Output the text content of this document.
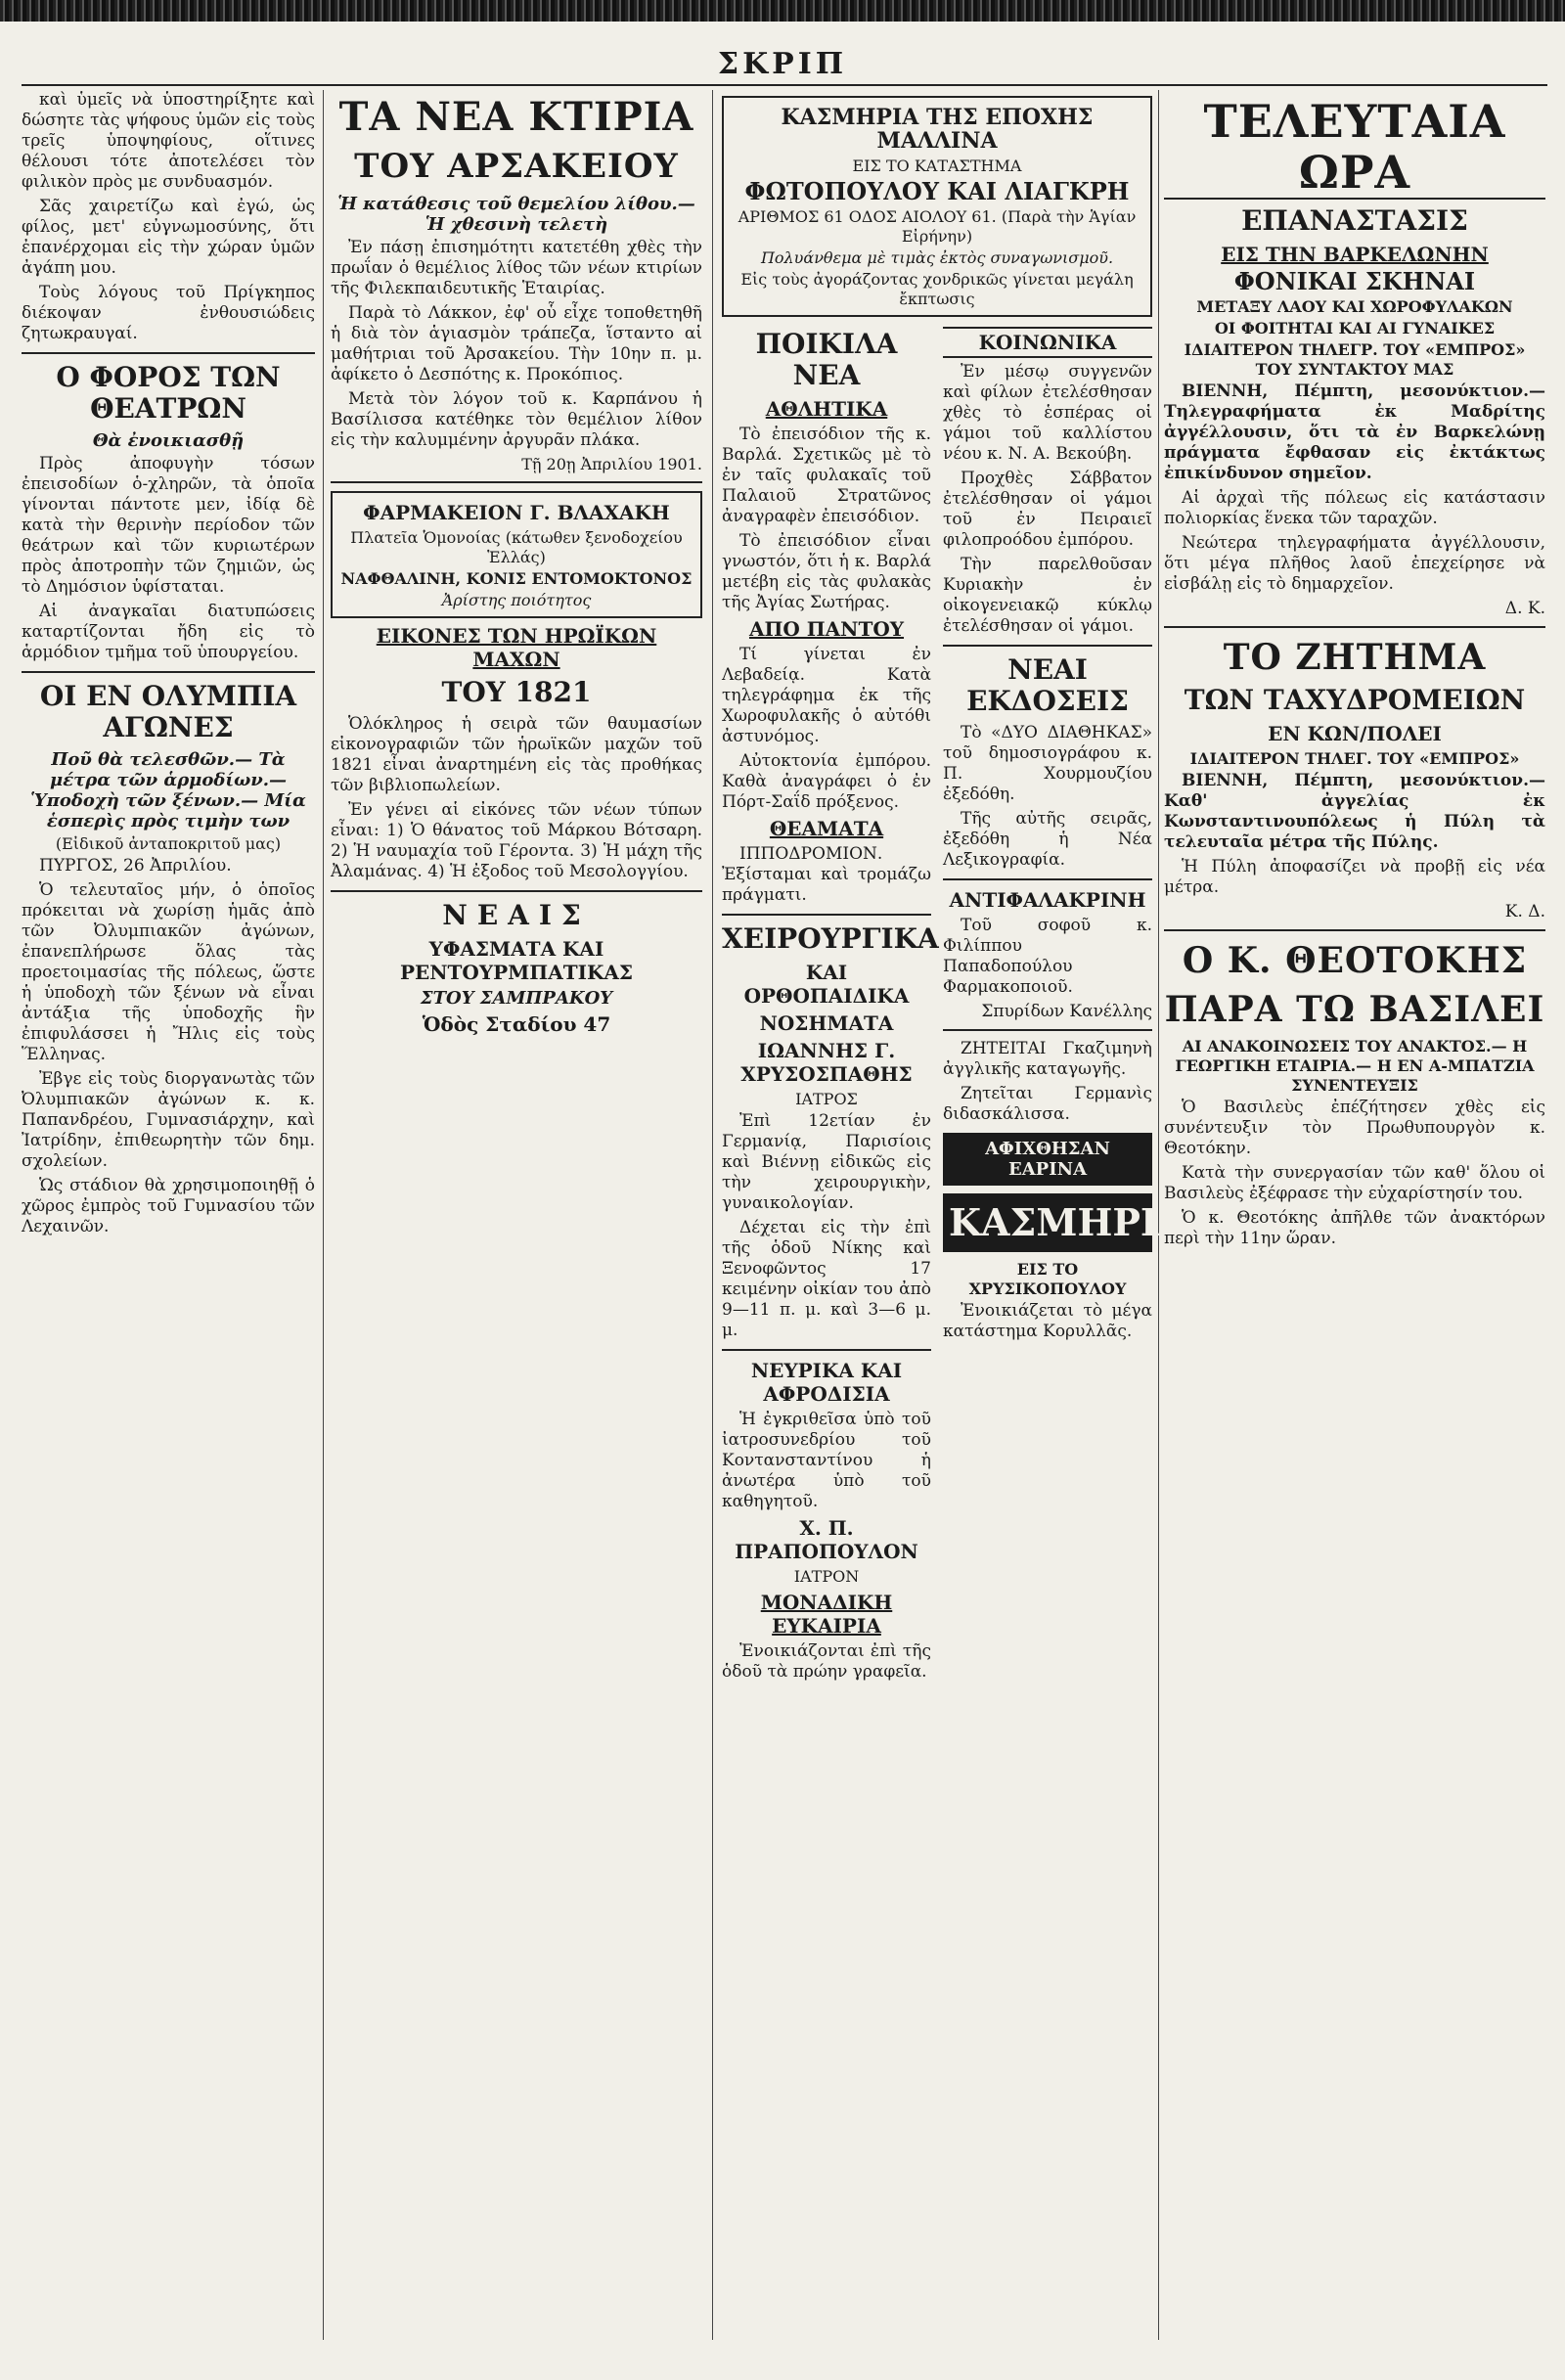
ΣΚΡΙΠ

καὶ ὑμεῖς νὰ ὑποστηρίξητε καὶ δώσητε τὰς ψήφους ὑμῶν εἰς τοὺς τρεῖς ὑποψηφίους, οἵτινες θέλουσι τότε ἀποτελέσει τὸν φιλικὸν πρὸς με συνδυασμόν.

Σᾶς χαιρετίζω καὶ ἐγώ, ὡς φίλος, μετ' εὐγνωμοσύνης, ὅτι ἐπανέρχομαι εἰς τὴν χώραν ὑμῶν ἀγάπη μου.

Τοὺς λόγους τοῦ Πρίγκηπος διέκοψαν ἐνθουσιώδεις ζητωκραυγαί.

Ο ΦΟΡΟΣ ΤΩΝ ΘΕΑΤΡΩΝ
Θὰ ἐνοικιασθῇ

Πρὸς ἀποφυγὴν τόσων ἐπεισοδίων ὁ-χληρῶν, τὰ ὁποῖα γίνονται πάντοτε μεν, ἰδίᾳ δὲ κατὰ τὴν θερινὴν περίοδον τῶν θεάτρων καὶ τῶν κυριωτέρων πρὸς ἀποτροπὴν τῶν ζημιῶν, ὡς τὸ Δημόσιον ὑφίσταται.

Αἱ ἀναγκαῖαι διατυπώσεις καταρτίζονται ἤδη εἰς τὸ ἁρμόδιον τμῆμα τοῦ ὑπουργείου.

ΟΙ ΕΝ ΟΛΥΜΠΙΑ ΑΓΩΝΕΣ
Ποῦ θὰ τελεσθῶν.— Τὰ μέτρα τῶν ἁρμοδίων.— Ὑποδοχὴ τῶν ξένων.— Μία ἑσπερὶς πρὸς τιμὴν των
(Εἰδικοῦ ἀνταποκριτοῦ μας)

ΠΥΡΓΟΣ, 26 Ἀπριλίου.

Ὁ τελευταῖος μήν, ὁ ὁποῖος πρόκειται νὰ χωρίσῃ ἡμᾶς ἀπὸ τῶν Ὀλυμπιακῶν ἀγώνων, ἐπανεπλήρωσε ὅλας τὰς προετοιμασίας τῆς πόλεως, ὥστε ἡ ὑποδοχὴ τῶν ξένων νὰ εἶναι ἀντάξια τῆς ὑποδοχῆς ἣν ἐπιφυλάσσει ἡ Ἤλις εἰς τοὺς Ἕλληνας.

Ἐβγε εἰς τοὺς διοργανωτὰς τῶν Ὀλυμπιακῶν ἀγώνων κ. κ. Παπανδρέου, Γυμνασιάρχην, καὶ Ἰατρίδην, ἐπιθεωρητὴν τῶν δημ. σχολείων.

Ὡς στάδιον θὰ χρησιμοποιηθῇ ὁ χῶρος ἐμπρὸς τοῦ Γυμνασίου τῶν Λεχαινῶν.

ΤΑ ΝΕΑ ΚΤΙΡΙΑ
ΤΟΥ ΑΡΣΑΚΕΙΟΥ
Ἡ κατάθεσις τοῦ θεμελίου λίθου.— Ἡ χθεσινὴ τελετὴ

Ἐν πάσῃ ἐπισημότητι κατετέθη χθὲς τὴν πρωΐαν ὁ θεμέλιος λίθος τῶν νέων κτιρίων τῆς Φιλεκπαιδευτικῆς Ἑταιρίας.

Παρὰ τὸ Λάκκον, ἐφ' οὗ εἶχε τοποθετηθῆ ἡ διὰ τὸν ἁγιασμὸν τράπεζα, ἵσταντο αἱ μαθήτριαι τοῦ Ἀρσακείου. Τὴν 10ην π. μ. ἀφίκετο ὁ Δεσπότης κ. Προκόπιος.

Μετὰ τὸν λόγον τοῦ κ. Καρπάνου ἡ Βασίλισσα κατέθηκε τὸν θεμέλιον λίθον εἰς τὴν καλυμμένην ἀργυρᾶν πλάκα.

Τῇ 20ῃ Ἀπριλίου 1901.
ΦΑΡΜΑΚΕΙΟΝ Γ. ΒΛΑΧΑΚΗ
Πλατεῖα Ὁμονοίας (κάτωθεν ξενοδοχείου Ἑλλάς)
ΝΑΦΘΑΛΙΝΗ, ΚΟΝΙΣ ΕΝΤΟΜΟΚΤΟΝΟΣ
Ἀρίστης ποιότητος
ΕΙΚΟΝΕΣ ΤΩΝ ΗΡΩΪΚΩΝ ΜΑΧΩΝ
ΤΟΥ 1821

Ὁλόκληρος ἡ σειρὰ τῶν θαυμασίων εἰκονογραφιῶν τῶν ἡρωϊκῶν μαχῶν τοῦ 1821 εἶναι ἀναρτημένη εἰς τὰς προθήκας τῶν βιβλιοπωλείων.

Ἐν γένει αἱ εἰκόνες τῶν νέων τύπων εἶναι: 1) Ὁ θάνατος τοῦ Μάρκου Βότσαρη. 2) Ἡ ναυμαχία τοῦ Γέροντα. 3) Ἡ μάχη τῆς Ἀλαμάνας. 4) Ἡ ἐξοδος τοῦ Μεσολογγίου.

ΝΕΑΙΣ
ΥΦΑΣΜΑΤΑ ΚΑΙ ΡΕΝΤΟΥΡΜΠΑΤΙΚΑΣ
ΣΤΟΥ ΣΑΜΠΡΑΚΟΥ
Ὁδὸς Σταδίου 47
ΚΑΣΜΗΡΙΑ ΤΗΣ ΕΠΟΧΗΣ ΜΑΛΛΙΝΑ
ΕΙΣ ΤΟ ΚΑΤΑΣΤΗΜΑ
ΦΩΤΟΠΟΥΛΟΥ ΚΑΙ ΛΙΑΓΚΡΗ
ΑΡΙΘΜΟΣ 61 ΟΔΟΣ ΑΙΟΛΟΥ 61. (Παρὰ τὴν Ἁγίαν Εἰρήνην)
Πολυάνθεμα μὲ τιμὰς ἐκτὸς συναγωνισμοῦ.
Εἰς τοὺς ἀγοράζοντας χονδρικῶς γίνεται μεγάλη ἔκπτωσις
ΠΟΙΚΙΛΑ ΝΕΑ
ΑΘΛΗΤΙΚΑ

Τὸ ἐπεισόδιον τῆς κ. Βαρλά. Σχετικῶς μὲ τὸ ἐν ταῖς φυλακαῖς τοῦ Παλαιοῦ Στρατῶνος ἀναγραφὲν ἐπεισόδιον.

Τὸ ἐπεισόδιον εἶναι γνωστόν, ὅτι ἡ κ. Βαρλά μετέβη εἰς τὰς φυλακὰς τῆς Ἀγίας Σωτήρας.

ΑΠΟ ΠΑΝΤΟΥ

Τί γίνεται ἐν Λεβαδείᾳ. Κατὰ τηλεγράφημα ἐκ τῆς Χωροφυλακῆς ὁ αὐτόθι ἀστυνόμος.

Αὐτοκτονία ἐμπόρου. Καθὰ ἀναγράφει ὁ ἐν Πόρτ-Σαΐδ πρόξενος.

ΘΕΑΜΑΤΑ

ΙΠΠΟΔΡΟΜΙΟΝ. Ἐξίσταμαι καὶ τρομάζω πράγματι.

ΧΕΙΡΟΥΡΓΙΚΑ
ΚΑΙ ΟΡΘΟΠΑΙΔΙΚΑ
ΝΟΣΗΜΑΤΑ
ΙΩΑΝΝΗΣ Γ. ΧΡΥΣΟΣΠΑΘΗΣ
ΙΑΤΡΟΣ

Ἐπὶ 12ετίαν ἐν Γερμανίᾳ, Παρισίοις καὶ Βιέννῃ εἰδικῶς εἰς τὴν χειρουργικὴν, γυναικολογίαν.

Δέχεται εἰς τὴν ἐπὶ τῆς ὁδοῦ Νίκης καὶ Ξενοφῶντος 17 κειμένην οἰκίαν του ἀπὸ 9—11 π. μ. καὶ 3—6 μ. μ.

ΝΕΥΡΙΚΑ ΚΑΙ ΑΦΡΟΔΙΣΙΑ

Ἡ ἐγκριθεῖσα ὑπὸ τοῦ ἰατροσυνεδρίου τοῦ Κοντανσταντίνου ἡ ἀνωτέρα ὑπὸ τοῦ καθηγητοῦ.

Χ. Π. ΠΡΑΠΟΠΟΥΛΟΝ
ΙΑΤΡΟΝ
ΜΟΝΑΔΙΚΗ ΕΥΚΑΙΡΙΑ

Ἐνοικιάζονται ἐπὶ τῆς ὁδοῦ τὰ πρώην γραφεῖα.

ΚΟΙΝΩΝΙΚΑ

Ἐν μέσῳ συγγενῶν καὶ φίλων ἐτελέσθησαν χθὲς τὸ ἑσπέρας οἱ γάμοι τοῦ καλλίστου νέου κ. Ν. Α. Βεκούβη.

Προχθὲς Σάββατον ἐτελέσθησαν οἱ γάμοι τοῦ ἐν Πειραιεῖ φιλοπροόδου ἐμπόρου.

Τὴν παρελθοῦσαν Κυριακὴν ἐν οἰκογενειακῷ κύκλῳ ἐτελέσθησαν οἱ γάμοι.

ΝΕΑΙ ΕΚΔΟΣΕΙΣ

Τὸ «ΔΥΟ ΔΙΑΘΗΚΑΣ» τοῦ δημοσιογράφου κ. Π. Χουρμουζίου ἐξεδόθη.

Τῆς αὐτῆς σειρᾶς, ἐξεδόθη ἡ Νέα Λεξικογραφία.

ΑΝΤΙΦΑΛΑΚΡΙΝΗ

Τοῦ σοφοῦ κ. Φιλίππου Παπαδοπούλου Φαρμακοποιοῦ.

Σπυρίδων Κανέλλης

ΖΗΤΕΙΤΑΙ Γκαζιμηνὴ ἀγγλικῆς καταγωγῆς.

Ζητεῖται Γερμανὶς διδασκάλισσα.

ΑΦΙΧΘΗΣΑΝ ΕΑΡΙΝΑ
ΚΑΣΜΗΡΙΑ
ΕΙΣ ΤΟ ΧΡΥΣΙΚΟΠΟΥΛΟΥ

Ἐνοικιάζεται τὸ μέγα κατάστημα Κορυλλᾶς.

ΤΕΛΕΥΤΑΙΑ ΩΡΑ
ΕΠΑΝΑΣΤΑΣΙΣ
ΕΙΣ ΤΗΝ ΒΑΡΚΕΛΩΝΗΝ
ΦΟΝΙΚΑΙ ΣΚΗΝΑΙ
ΜΕΤΑΞΥ ΛΑΟΥ ΚΑΙ ΧΩΡΟΦΥΛΑΚΩΝ
ΟΙ ΦΟΙΤΗΤΑΙ ΚΑΙ ΑΙ ΓΥΝΑΙΚΕΣ
ΙΔΙΑΙΤΕΡΟΝ ΤΗΛΕΓΡ. ΤΟΥ «ΕΜΠΡΟΣ» ΤΟΥ ΣΥΝΤΑΚΤΟΥ ΜΑΣ

ΒΙΕΝΝΗ, Πέμπτη, μεσονύκτιον.— Τηλεγραφήματα ἐκ Μαδρίτης ἀγγέλλουσιν, ὅτι τὰ ἐν Βαρκελώνῃ πράγματα ἔφθασαν εἰς ἐκτάκτως ἐπικίνδυνον σημεῖον.

Αἱ ἀρχαὶ τῆς πόλεως εἰς κατάστασιν πολιορκίας ἕνεκα τῶν ταραχῶν.

Νεώτερα τηλεγραφήματα ἀγγέλλουσιν, ὅτι μέγα πλῆθος λαοῦ ἐπεχείρησε νὰ εἰσβάλῃ εἰς τὸ δημαρχεῖον.

Δ. Κ.
ΤΟ ΖΗΤΗΜΑ
ΤΩΝ ΤΑΧΥΔΡΟΜΕΙΩΝ
ΕΝ ΚΩΝ/ΠΟΛΕΙ
ΙΔΙΑΙΤΕΡΟΝ ΤΗΛΕΓ. ΤΟΥ «ΕΜΠΡΟΣ»

ΒΙΕΝΝΗ, Πέμπτη, μεσονύκτιον.— Καθ' ἀγγελίας ἐκ Κωνσταντινουπόλεως ἡ Πύλη τὰ τελευταῖα μέτρα τῆς Πύλης.

Ἡ Πύλη ἀποφασίζει νὰ προβῇ εἰς νέα μέτρα.

Κ. Δ.
Ο Κ. ΘΕΟΤΟΚΗΣ
ΠΑΡΑ ΤΩ ΒΑΣΙΛΕΙ
ΑΙ ΑΝΑΚΟΙΝΩΣΕΙΣ ΤΟΥ ΑΝΑΚΤΟΣ.— Η ΓΕΩΡΓΙΚΗ ΕΤΑΙΡΙΑ.— Η ΕΝ Α-ΜΠΑΤΖΙΑ ΣΥΝΕΝΤΕΥΞΙΣ

Ὁ Βασιλεὺς ἐπέζήτησεν χθὲς εἰς συνέντευξιν τὸν Πρωθυπουργὸν κ. Θεοτόκην.

Κατὰ τὴν συνεργασίαν τῶν καθ' ὅλου οἱ Βασιλεὺς ἐξέφρασε τὴν εὐχαρίστησίν του.

Ὁ κ. Θεοτόκης ἀπῆλθε τῶν ἀνακτόρων περὶ τὴν 11ην ὥραν.
